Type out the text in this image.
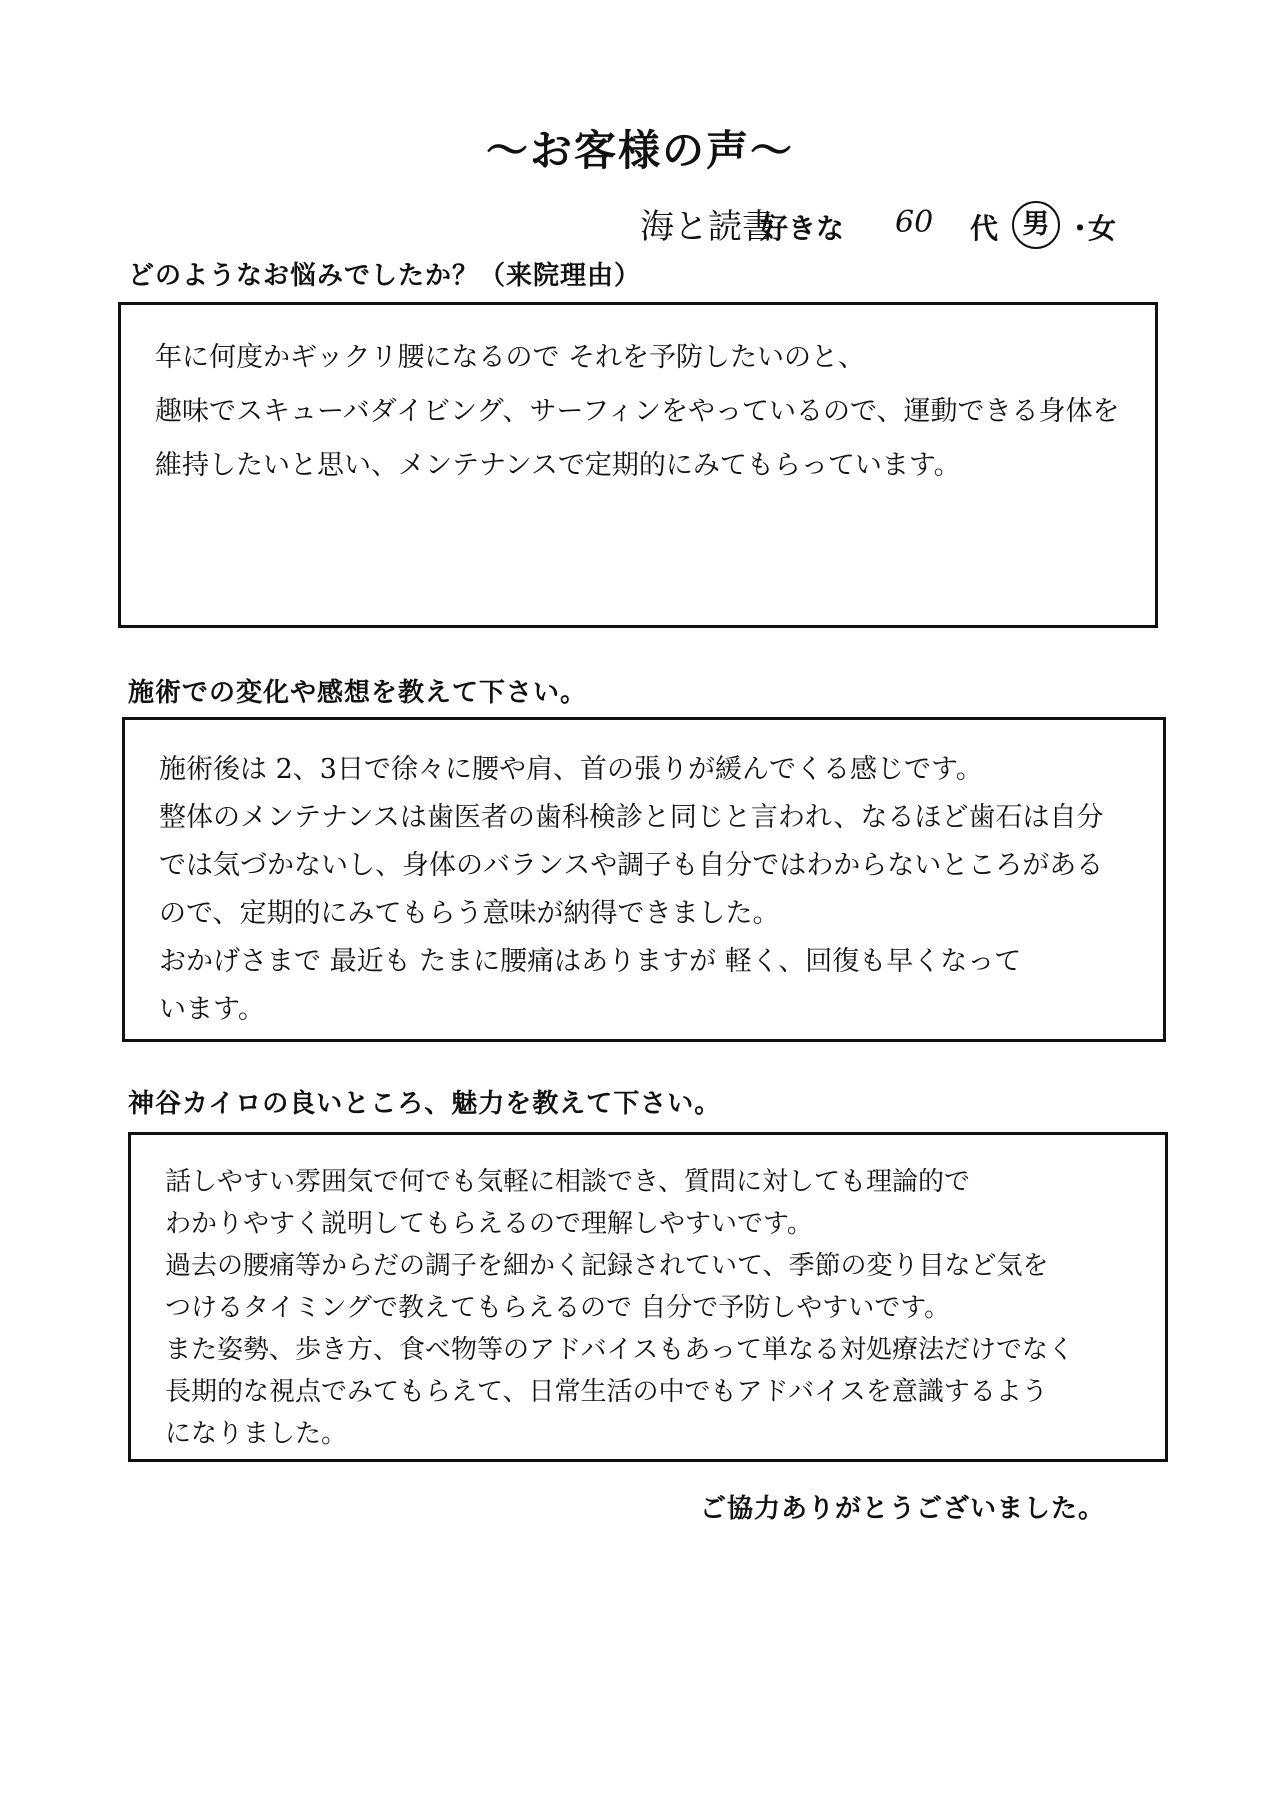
〜お客様の声〜
海と読書
好きな 60 代 男 ・
女
どのようなお悩みでしたか？（来院理由）

年に何度かギックリ腰になるので それを予防したいのと、
趣味でスキューバダイビング、サーフィンをやっているので、運動できる身体を
維持したいと思い、メンテナンスで定期的にみてもらっています。

施術での変化や感想を教えて下さい。

施術後は 2、3日で徐々に腰や肩、首の張りが緩んでくる感じです。
整体のメンテナンスは歯医者の歯科検診と同じと言われ、なるほど歯石は自分
では気づかないし、身体のバランスや調子も自分ではわからないところがある
ので、定期的にみてもらう意味が納得できました。
おかげさまで 最近も たまに腰痛はありますが 軽く、回復も早くなって
います。

神谷カイロの良いところ、魅力を教えて下さい。

話しやすい雰囲気で何でも気軽に相談でき、質問に対しても理論的で
わかりやすく説明してもらえるので理解しやすいです。
過去の腰痛等からだの調子を細かく記録されていて、季節の変り目など気を
つけるタイミングで教えてもらえるので 自分で予防しやすいです。
また姿勢、歩き方、食べ物等のアドバイスもあって単なる対処療法だけでなく
長期的な視点でみてもらえて、日常生活の中でもアドバイスを意識するよう
になりました。

ご協力ありがとうございました。
